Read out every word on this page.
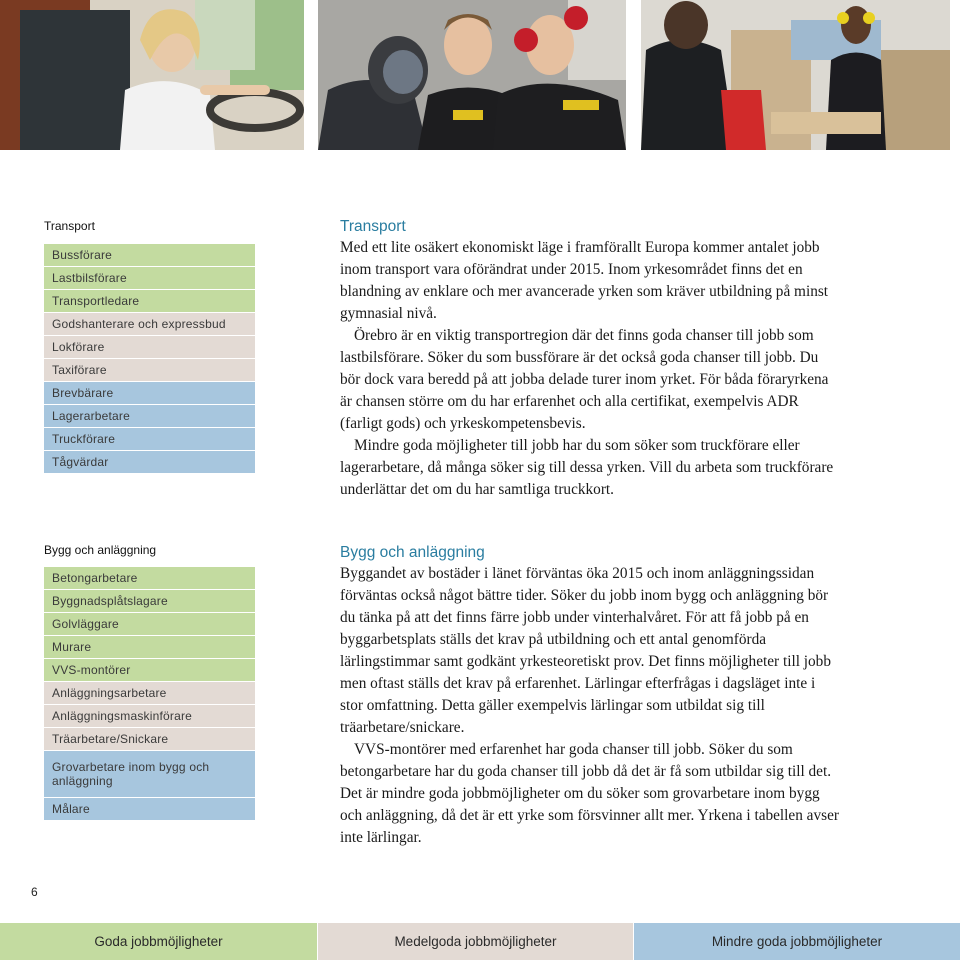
Transport
Bussförare
Lastbilsförare
Transportledare
Godshanterare och expressbud
Lokförare
Taxiförare
Brevbärare
Lagerarbetare
Truckförare
Tågvärdar
Bygg och anläggning
Betongarbetare
Byggnadsplåtslagare
Golvläggare
Murare
VVS-montörer
Anläggningsarbetare
Anläggningsmaskinförare
Träarbetare/Snickare
Grovarbetare inom bygg och anläggning
Målare
Transport

Med ett lite osäkert ekonomiskt läge i framförallt Europa kommer antalet jobb inom transport vara oförändrat under 2015. Inom yrkesområdet finns det en blandning av enklare och mer avancerade yrken som kräver utbildning på minst gymnasial nivå.

Örebro är en viktig transportregion där det finns goda chanser till jobb som lastbilsförare. Söker du som bussförare är det också goda chanser till jobb. Du bör dock vara beredd på att jobba delade turer inom yrket. För båda föraryrkena är chansen större om du har erfarenhet och alla certifikat, exempelvis ADR (farligt gods) och yrkeskompetensbevis.

Mindre goda möjligheter till jobb har du som söker som truckförare eller lagerarbetare, då många söker sig till dessa yrken. Vill du arbeta som truckförare underlättar det om du har samtliga truckkort.

Bygg och anläggning

Byggandet av bostäder i länet förväntas öka 2015 och inom anläggningssidan förväntas också något bättre tider. Söker du jobb inom bygg och anläggning bör du tänka på att det finns färre jobb under vinterhalvåret. För att få jobb på en byggarbetsplats ställs det krav på utbildning och ett antal genomförda lärlingstimmar samt godkänt yrkesteoretiskt prov. Det finns möjligheter till jobb men oftast ställs det krav på erfarenhet. Lärlingar efterfrågas i dagsläget inte i stor omfattning. Detta gäller exempelvis lärlingar som utbildat sig till träarbetare/snickare.

VVS-montörer med erfarenhet har goda chanser till jobb. Söker du som betongarbetare har du goda chanser till jobb då det är få som utbildar sig till det. Det är mindre goda jobbmöjligheter om du söker som grovarbetare inom bygg och anläggning, då det är ett yrke som försvinner allt mer. Yrkena i tabellen avser inte lärlingar.

6
Goda jobbmöjligheter	Medelgoda jobbmöjligheter	Mindre goda jobbmöjligheter
